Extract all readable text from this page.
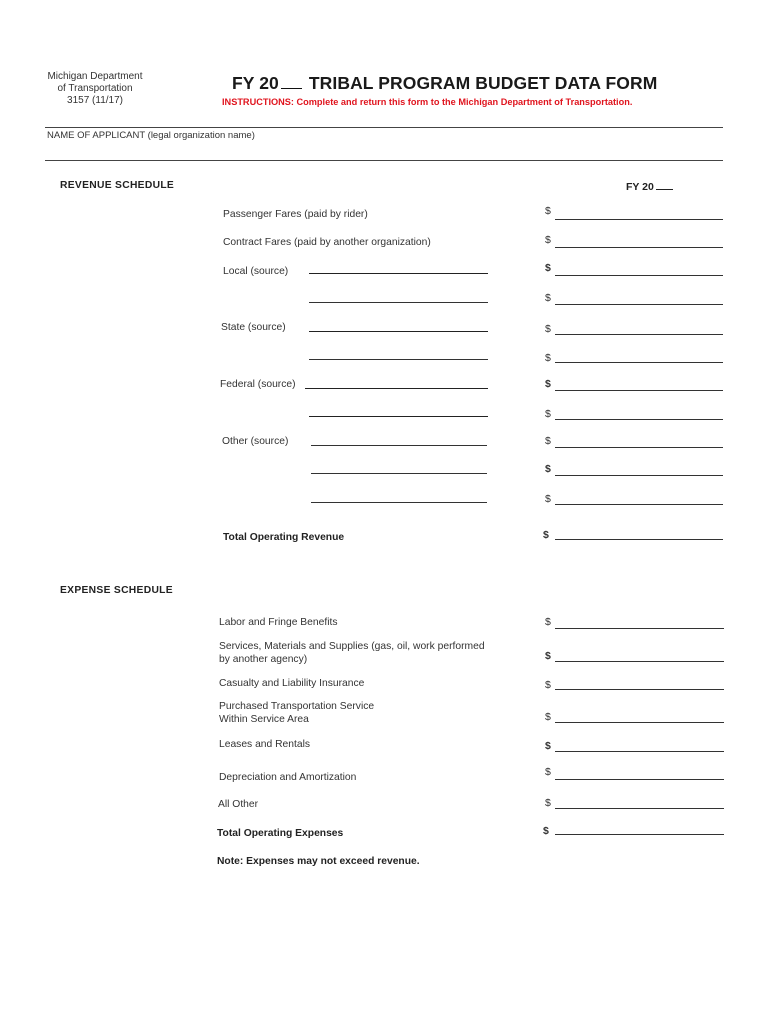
Michigan Department
of Transportation
3157 (11/17)
FY 20 TRIBAL PROGRAM BUDGET DATA FORM
INSTRUCTIONS: Complete and return this form to the Michigan Department of Transportation.
NAME OF APPLICANT (legal organization name)
REVENUE SCHEDULE	FY 20
Passenger Fares (paid by rider)	$
Contract Fares (paid by another organization)	$
Local (source)	$
$
State (source)	$
$
Federal (source)	$
$
Other (source)	$
$
$
Total Operating Revenue	$
EXPENSE SCHEDULE
Labor and Fringe Benefits	$
Services, Materials and Supplies (gas, oil, work performed
by another agency)	$
Casualty and Liability Insurance	$
Purchased Transportation Service
Within Service Area	$
Leases and Rentals	$
Depreciation and Amortization	$
All Other	$
Total Operating Expenses	$
Note: Expenses may not exceed revenue.
